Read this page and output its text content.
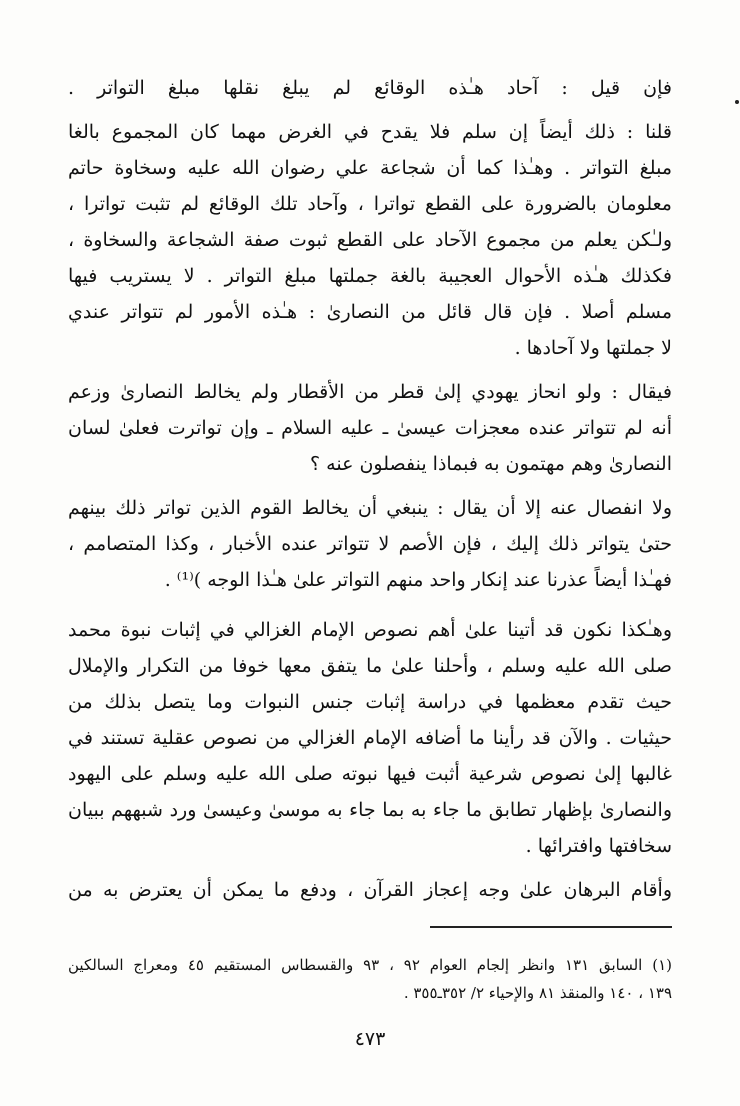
فإن قيل : آحاد هـٰذه الوقائع لم يبلغ نقلها مبلغ التواتر .
قلنا : ذلك أيضاً إن سلم فلا يقدح في الغرض مهما كان المجموع بالغا
مبلغ التواتر . وهـٰذا كما أن شجاعة علي رضوان الله عليه وسخاوة حاتم
معلومان بالضرورة على القطع تواترا ، وآحاد تلك الوقائع لم تثبت تواترا ،
ولـٰكن يعلم من مجموع الآحاد على القطع ثبوت صفة الشجاعة والسخاوة ،
فكذلك هـٰذه الأحوال العجيبة بالغة جملتها مبلغ التواتر . لا يستريب فيها
مسلم أصلا . فإن قال قائل من النصارىٰ : هـٰذه الأمور لم تتواتر عندي
لا جملتها ولا آحادها .
فيقال : ولو انحاز يهودي إلىٰ قطر من الأقطار ولم يخالط النصارىٰ وزعم
أنه لم تتواتر عنده معجزات عيسىٰ ـ عليه السلام ـ وإن تواترت فعلىٰ لسان
النصارىٰ وهم مهتمون به فبماذا ينفصلون عنه ؟
ولا انفصال عنه إلا أن يقال : ينبغي أن يخالط القوم الذين تواتر ذلك بينهم
حتىٰ يتواتر ذلك إليك ، فإن الأصم لا تتواتر عنده الأخبار ، وكذا المتصامم ،
فهـٰذا أيضاً عذرنا عند إنكار واحد منهم التواتر علىٰ هـٰذا الوجه )⁽¹⁾ .
وهـٰكذا نكون قد أتينا علىٰ أهم نصوص الإمام الغزالي في إثبات نبوة محمد
صلى الله عليه وسلم ، وأحلنا علىٰ ما يتفق معها خوفا من التكرار والإملال
حيث تقدم معظمها في دراسة إثبات جنس النبوات وما يتصل بذلك من
حيثيات . والآن قد رأينا ما أضافه الإمام الغزالي من نصوص عقلية تستند في
غالبها إلىٰ نصوص شرعية أثبت فيها نبوته صلى الله عليه وسلم على اليهود
والنصارىٰ بإظهار تطابق ما جاء به بما جاء به موسىٰ وعيسىٰ ورد شبههم ببيان
سخافتها وافترائها .
وأقام البرهان علىٰ وجه إعجاز القرآن ، ودفع ما يمكن أن يعترض به من
(١) السابق ١٣١ وانظر إلجام العوام ٩٢ ، ٩٣ والقسطاس المستقيم ٤٥ ومعراج السالكين
١٣٩ ، ١٤٠ والمنقذ ٨١ والإحياء ٢/ ٣٥٢ـ٣٥٥ .
٤٧٣
